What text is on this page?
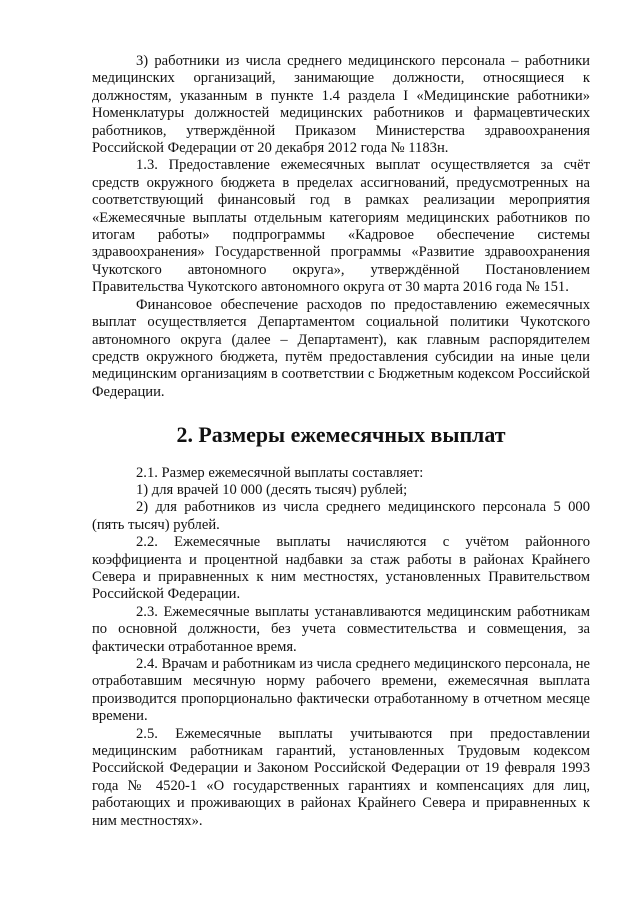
3) работники из числа среднего медицинского персонала – работники медицинских организаций, занимающие должности, относящиеся к должностям, указанным в пункте 1.4 раздела I «Медицинские работники» Номенклатуры должностей медицинских работников и фармацевтических работников, утверждённой Приказом Министерства здравоохранения Российской Федерации от 20 декабря 2012 года № 1183н.

1.3. Предоставление ежемесячных выплат осуществляется за счёт средств окружного бюджета в пределах ассигнований, предусмотренных на соответствующий финансовый год в рамках реализации мероприятия «Ежемесячные выплаты отдельным категориям медицинских работников по итогам работы» подпрограммы «Кадровое обеспечение системы здравоохранения» Государственной программы «Развитие здравоохранения Чукотского автономного округа», утверждённой Постановлением Правительства Чукотского автономного округа от 30 марта 2016 года № 151.

Финансовое обеспечение расходов по предоставлению ежемесячных выплат осуществляется Департаментом социальной политики Чукотского автономного округа (далее – Департамент), как главным распорядителем средств окружного бюджета, путём предоставления субсидии на иные цели медицинским организациям в соответствии с Бюджетным кодексом Российской Федерации.

2. Размеры ежемесячных выплат

2.1. Размер ежемесячной выплаты составляет:

1) для врачей 10 000 (десять тысяч) рублей;

2) для работников из числа среднего медицинского персонала 5 000 (пять тысяч) рублей.

2.2. Ежемесячные выплаты начисляются с учётом районного коэффициента и процентной надбавки за стаж работы в районах Крайнего Севера и приравненных к ним местностях, установленных Правительством Российской Федерации.

2.3. Ежемесячные выплаты устанавливаются медицинским работникам по основной должности, без учета совместительства и совмещения, за фактически отработанное время.

2.4. Врачам и работникам из числа среднего медицинского персонала, не отработавшим месячную норму рабочего времени, ежемесячная выплата производится пропорционально фактически отработанному в отчетном месяце времени.

2.5. Ежемесячные выплаты учитываются при предоставлении медицинским работникам гарантий, установленных Трудовым кодексом Российской Федерации и Законом Российской Федерации от 19 февраля 1993 года № 4520-1 «О государственных гарантиях и компенсациях для лиц, работающих и проживающих в районах Крайнего Севера и приравненных к ним местностях».
